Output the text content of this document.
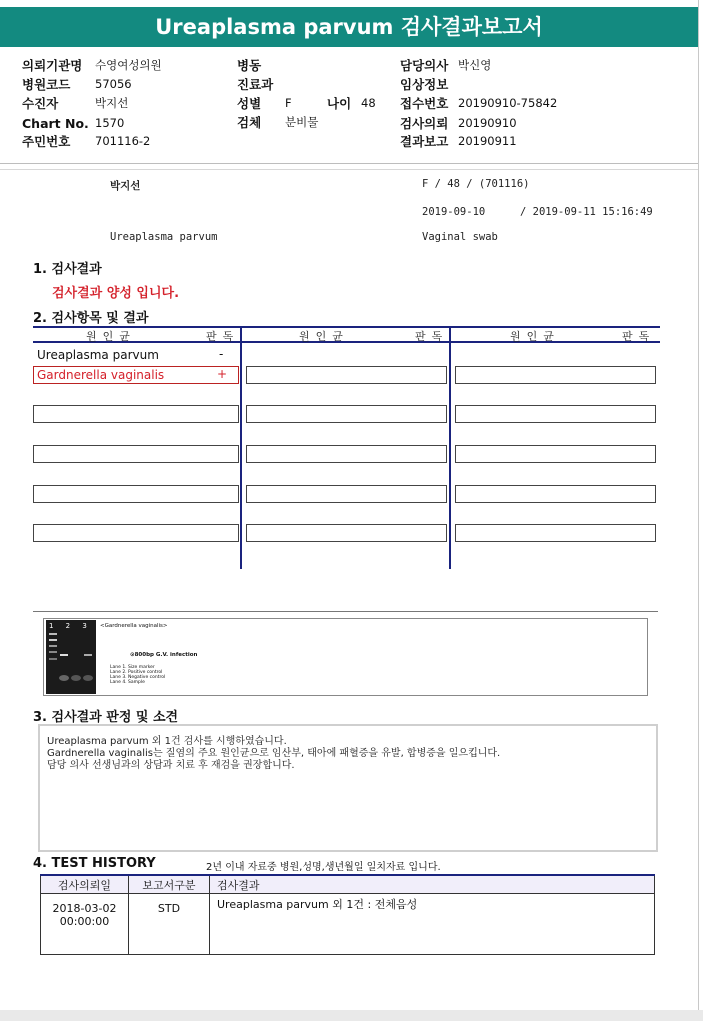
Ureaplasma parvum 검사결과보고서
의뢰기관명 수영여성의원
병원코드 57056
수진자	박지선
Chart No. 1570
주민번호 701116-2
병동
진료과
성별 F	나이 48
검체 분비물
담당의사 박신영
임상정보
접수번호 20190910-75842
검사의뢰 20190910
결과보고 20190911
박지선	F / 48 / (701116)
2019-09-10	/ 2019-09-11 15:16:49
Ureaplasma parvum	Vaginal swab
1. 검사결과
검사결과 양성 입니다.
2. 검사항목 및 결과
원인균	판독	원인균	판독	원인균	판독
Ureaplasma parvum	-
Gardnerella vaginalis	+
1 2 3 4
<Gardnerella vaginalis>
⊙800bp G.V. infection
Lane 1. Size marker
Lane 2. Positive control
Lane 3. Negative control
Lane 4. Sample
3. 검사결과 판정 및 소견
Ureaplasma parvum 외 1건 검사를 시행하였습니다.
Gardnerella vaginalis는 질염의 주요 원인균으로 임산부, 태아에 패혈증을 유발, 합병증을 일으킵니다.
담당 의사 선생님과의 상담과 치료 후 재검을 권장합니다.
4. TEST HISTORY	2년 이내 자료중 병원,성명,생년월일 일치자료 입니다.
검사의뢰일	보고서구분	검사결과

2018-03-02
00:00:00	STD	Ureaplasma parvum 외 1건 : 전체음성
